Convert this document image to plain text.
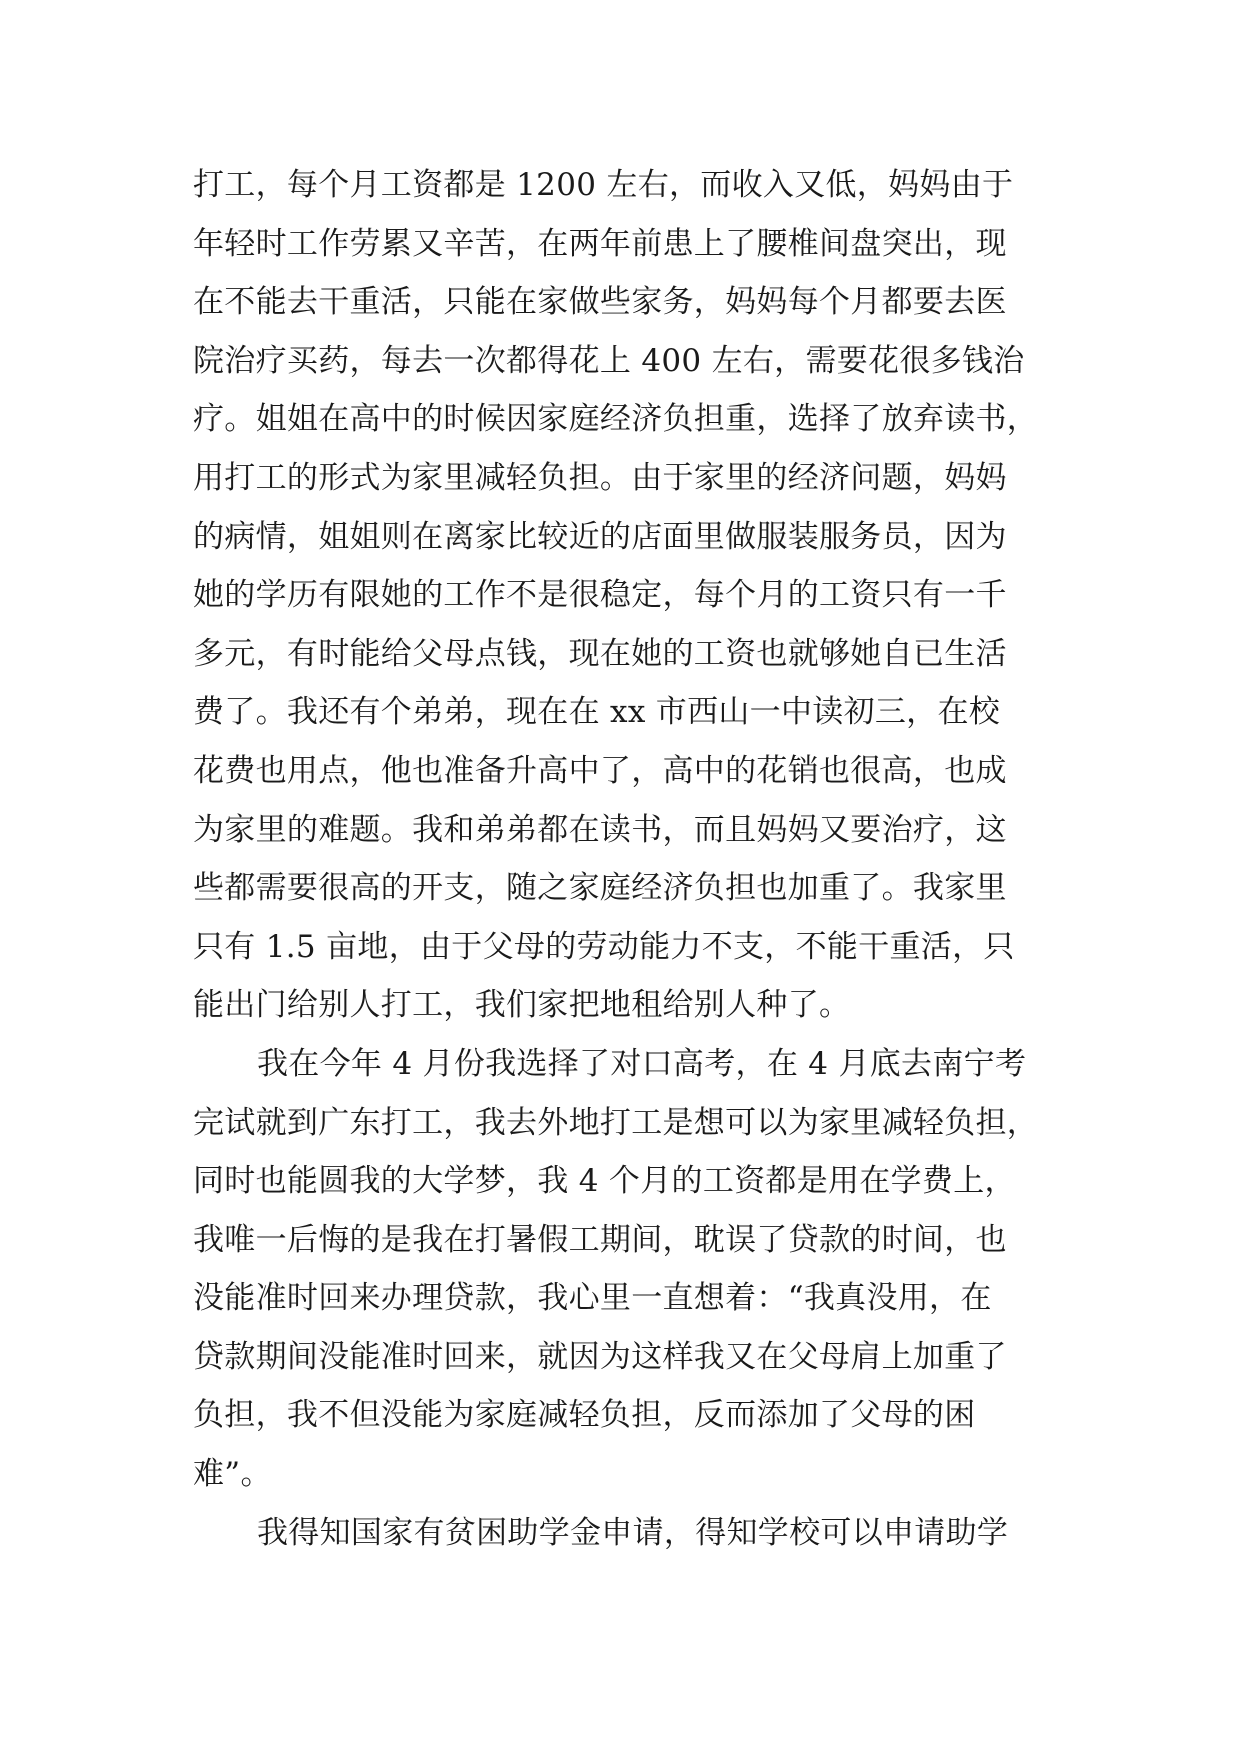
打工，每个月工资都是 1200 左右，而收入又低，妈妈由于
年轻时工作劳累又辛苦，在两年前患上了腰椎间盘突出，现
在不能去干重活，只能在家做些家务，妈妈每个月都要去医
院治疗买药，每去一次都得花上 400 左右，需要花很多钱治
疗。姐姐在高中的时候因家庭经济负担重，选择了放弃读书，
用打工的形式为家里减轻负担。由于家里的经济问题，妈妈
的病情，姐姐则在离家比较近的店面里做服装服务员，因为
她的学历有限她的工作不是很稳定，每个月的工资只有一千
多元，有时能给父母点钱，现在她的工资也就够她自已生活
费了。我还有个弟弟，现在在 xx 市西山一中读初三，在校
花费也用点，他也准备升高中了，高中的花销也很高，也成
为家里的难题。我和弟弟都在读书，而且妈妈又要治疗，这
些都需要很高的开支，随之家庭经济负担也加重了。我家里
只有 1.5 亩地，由于父母的劳动能力不支，不能干重活，只
能出门给别人打工，我们家把地租给别人种了。
我在今年 4 月份我选择了对口高考，在 4 月底去南宁考
完试就到广东打工，我去外地打工是想可以为家里减轻负担，
同时也能圆我的大学梦，我 4 个月的工资都是用在学费上，
我唯一后悔的是我在打暑假工期间，耽误了贷款的时间，也
没能准时回来办理贷款，我心里一直想着：“我真没用，在
贷款期间没能准时回来，就因为这样我又在父母肩上加重了
负担，我不但没能为家庭减轻负担，反而添加了父母的困
难”。
我得知国家有贫困助学金申请，得知学校可以申请助学
